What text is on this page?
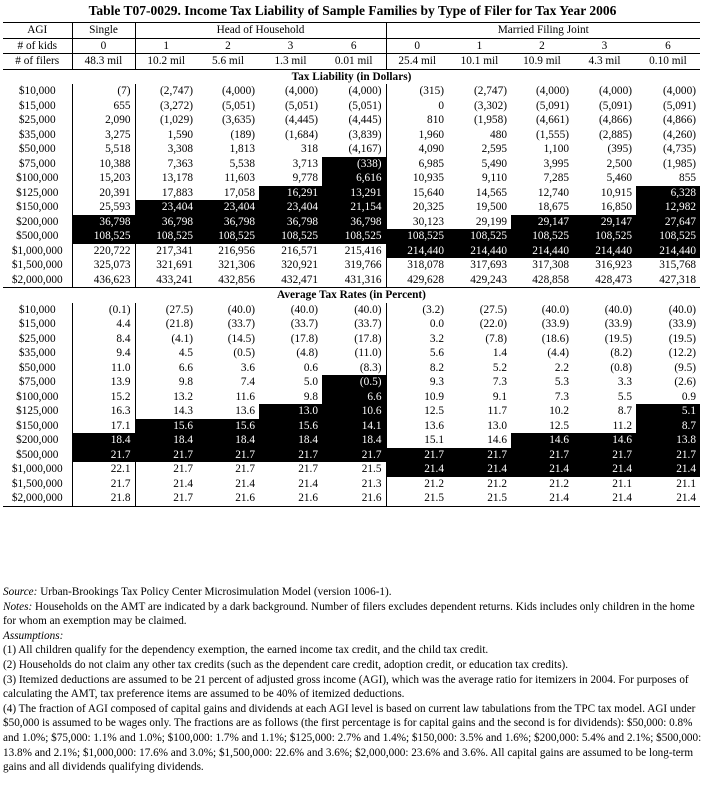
Table T07-0029. Income Tax Liability of Sample Families by Type of Filer for Tax Year 2006
AGI	Single	Head of Household				Married Filing Joint				
# of kids	0	1	2	3	6	0	1	2	3	6
# of filers	48.3 mil	10.2 mil	5.6 mil	1.3 mil	0.01 mil	25.4 mil	10.1 mil	10.9 mil	4.3 mil	0.10 mil
Tax Liability (in Dollars)										
$10,000	(7)	(2,747)	(4,000)	(4,000)	(4,000)	(315)	(2,747)	(4,000)	(4,000)	(4,000)
$15,000	655	(3,272)	(5,051)	(5,051)	(5,051)	0	(3,302)	(5,091)	(5,091)	(5,091)
$25,000	2,090	(1,029)	(3,635)	(4,445)	(4,445)	810	(1,958)	(4,661)	(4,866)	(4,866)
$35,000	3,275	1,590	(189)	(1,684)	(3,839)	1,960	480	(1,555)	(2,885)	(4,260)
$50,000	5,518	3,308	1,813	318	(4,167)	4,090	2,595	1,100	(395)	(4,735)
$75,000	10,388	7,363	5,538	3,713	(338)	6,985	5,490	3,995	2,500	(1,985)
$100,000	15,203	13,178	11,603	9,778	6,616	10,935	9,110	7,285	5,460	855
$125,000	20,391	17,883	17,058	16,291	13,291	15,640	14,565	12,740	10,915	6,328
$150,000	25,593	23,404	23,404	23,404	21,154	20,325	19,500	18,675	16,850	12,982
$200,000	36,798	36,798	36,798	36,798	36,798	30,123	29,199	29,147	29,147	27,647
$500,000	108,525	108,525	108,525	108,525	108,525	108,525	108,525	108,525	108,525	108,525
$1,000,000	220,722	217,341	216,956	216,571	215,416	214,440	214,440	214,440	214,440	214,440
$1,500,000	325,073	321,691	321,306	320,921	319,766	318,078	317,693	317,308	316,923	315,768
$2,000,000	436,623	433,241	432,856	432,471	431,316	429,628	429,243	428,858	428,473	427,318
Average Tax Rates (in Percent)										
$10,000	(0.1)	(27.5)	(40.0)	(40.0)	(40.0)	(3.2)	(27.5)	(40.0)	(40.0)	(40.0)
$15,000	4.4	(21.8)	(33.7)	(33.7)	(33.7)	0.0	(22.0)	(33.9)	(33.9)	(33.9)
$25,000	8.4	(4.1)	(14.5)	(17.8)	(17.8)	3.2	(7.8)	(18.6)	(19.5)	(19.5)
$35,000	9.4	4.5	(0.5)	(4.8)	(11.0)	5.6	1.4	(4.4)	(8.2)	(12.2)
$50,000	11.0	6.6	3.6	0.6	(8.3)	8.2	5.2	2.2	(0.8)	(9.5)
$75,000	13.9	9.8	7.4	5.0	(0.5)	9.3	7.3	5.3	3.3	(2.6)
$100,000	15.2	13.2	11.6	9.8	6.6	10.9	9.1	7.3	5.5	0.9
$125,000	16.3	14.3	13.6	13.0	10.6	12.5	11.7	10.2	8.7	5.1
$150,000	17.1	15.6	15.6	15.6	14.1	13.6	13.0	12.5	11.2	8.7
$200,000	18.4	18.4	18.4	18.4	18.4	15.1	14.6	14.6	14.6	13.8
$500,000	21.7	21.7	21.7	21.7	21.7	21.7	21.7	21.7	21.7	21.7
$1,000,000	22.1	21.7	21.7	21.7	21.5	21.4	21.4	21.4	21.4	21.4
$1,500,000	21.7	21.4	21.4	21.4	21.3	21.2	21.2	21.2	21.1	21.1
$2,000,000	21.8	21.7	21.6	21.6	21.6	21.5	21.5	21.4	21.4	21.4

Source: Urban-Brookings Tax Policy Center Microsimulation Model (version 1006-1).

Notes: Households on the AMT are indicated by a dark background. Number of filers excludes dependent returns. Kids includes only children in the home for whom an exemption may be claimed.

Assumptions:

(1) All children qualify for the dependency exemption, the earned income tax credit, and the child tax credit.

(2) Households do not claim any other tax credits (such as the dependent care credit, adoption credit, or education tax credits).

(3) Itemized deductions are assumed to be 21 percent of adjusted gross income (AGI), which was the average ratio for itemizers in 2004. For purposes of calculating the AMT, tax preference items are assumed to be 40% of itemized deductions.

(4) The fraction of AGI composed of capital gains and dividends at each AGI level is based on current law tabulations from the TPC tax model. AGI under $50,000 is assumed to be wages only. The fractions are as follows (the first percentage is for capital gains and the second is for dividends): $50,000: 0.8% and 1.0%; $75,000: 1.1% and 1.0%; $100,000: 1.7% and 1.1%; $125,000: 2.7% and 1.4%; $150,000: 3.5% and 1.6%; $200,000: 5.4% and 2.1%; $500,000: 13.8% and 2.1%; $1,000,000: 17.6% and 3.0%; $1,500,000: 22.6% and 3.6%; $2,000,000: 23.6% and 3.6%. All capital gains are assumed to be long-term gains and all dividends qualifying dividends.
